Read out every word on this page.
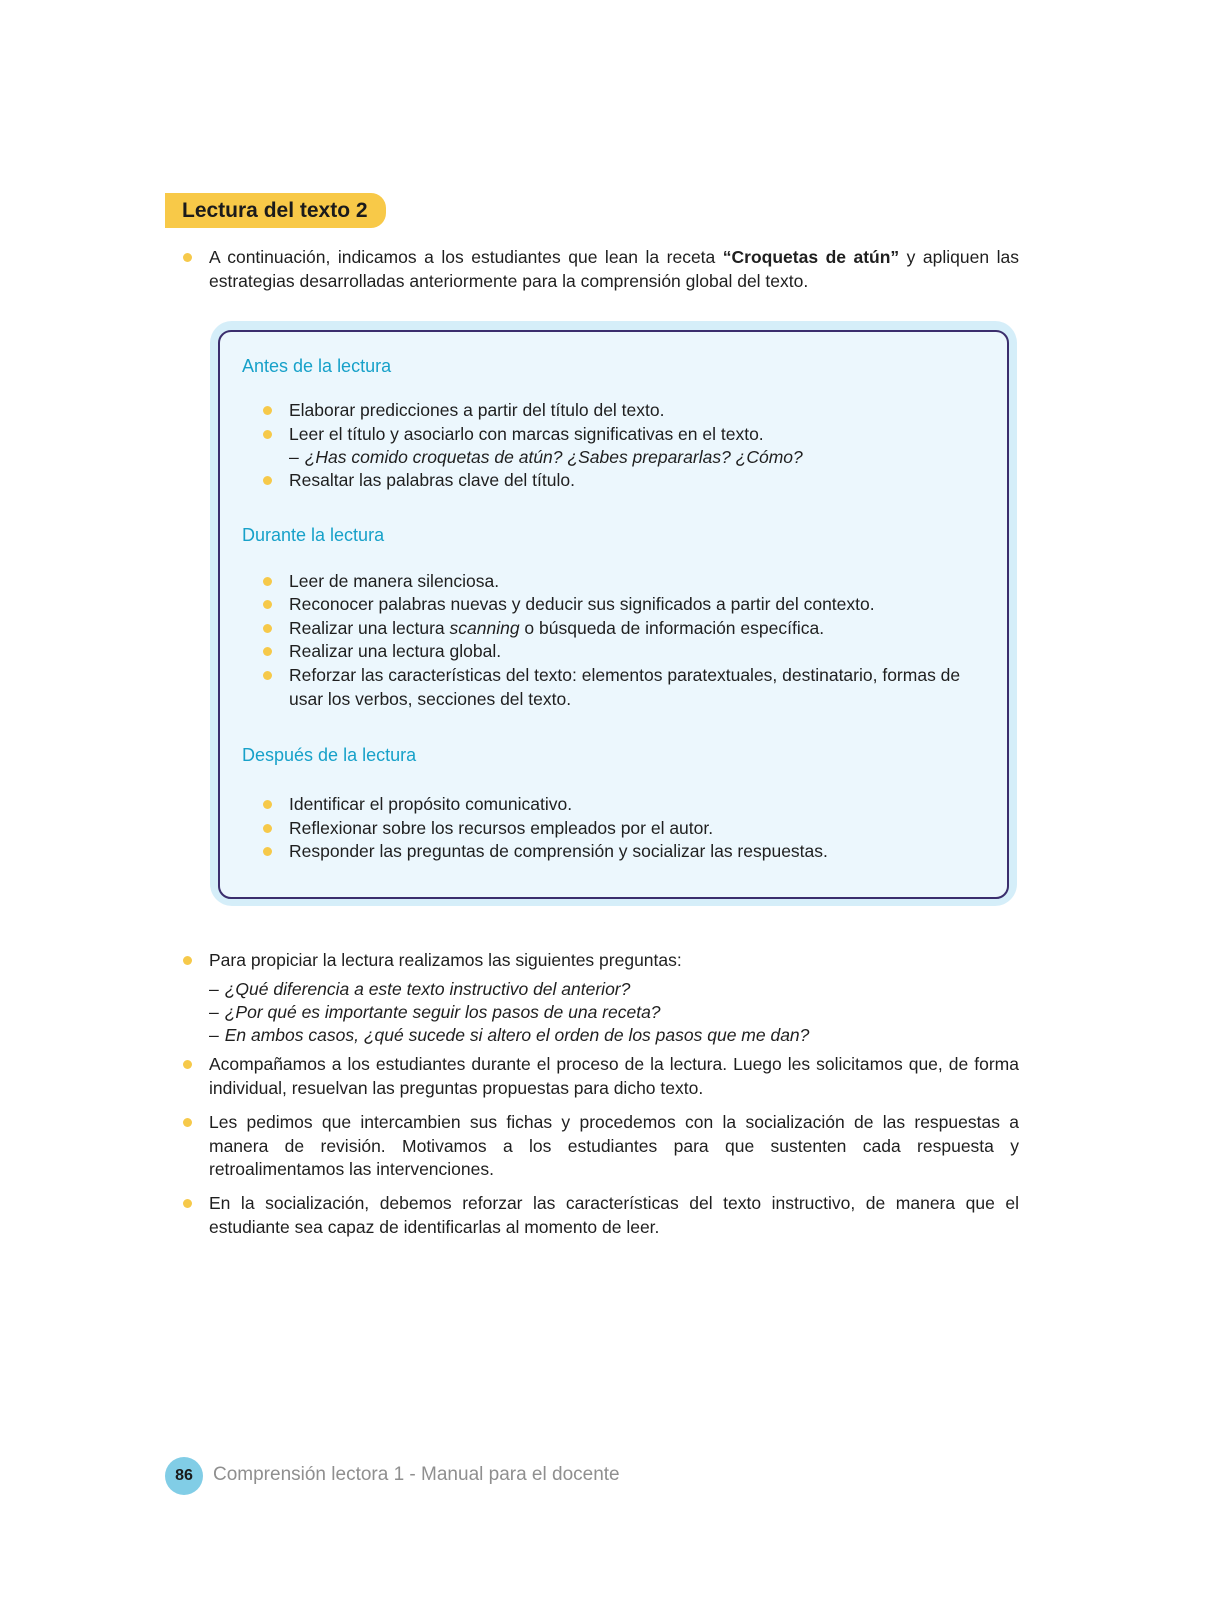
Lectura del texto 2

A continuación, indicamos a los estudiantes que lean la receta “Croquetas de atún” y apliquen las estrategias desarrolladas anteriormente para la comprensión global del texto.

Antes de la lectura

Elaborar predicciones a partir del título del texto.

Leer el título y asociarlo con marcas significativas en el texto.

– ¿Has comido croquetas de atún? ¿Sabes prepararlas? ¿Cómo?

Resaltar las palabras clave del título.

Durante la lectura

Leer de manera silenciosa.

Reconocer palabras nuevas y deducir sus significados a partir del contexto.

Realizar una lectura scanning o búsqueda de información específica.

Realizar una lectura global.

Reforzar las características del texto: elementos paratextuales, destinatario, formas de usar los verbos, secciones del texto.

Después de la lectura

Identificar el propósito comunicativo.

Reflexionar sobre los recursos empleados por el autor.

Responder las preguntas de comprensión y socializar las respuestas.

Para propiciar la lectura realizamos las siguientes preguntas:

– ¿Qué diferencia a este texto instructivo del anterior?

– ¿Por qué es importante seguir los pasos de una receta?

– En ambos casos, ¿qué sucede si altero el orden de los pasos que me dan?

Acompañamos a los estudiantes durante el proceso de la lectura. Luego les solicitamos que, de forma individual, resuelvan las preguntas propuestas para dicho texto.

Les pedimos que intercambien sus fichas y procedemos con la socialización de las respuestas a manera de revisión. Motivamos a los estudiantes para que sustenten cada respuesta y retroalimentamos las intervenciones.

En la socialización, debemos reforzar las características del texto instructivo, de manera que el estudiante sea capaz de identificarlas al momento de leer.

86	Comprensión lectora 1 - Manual para el docente
